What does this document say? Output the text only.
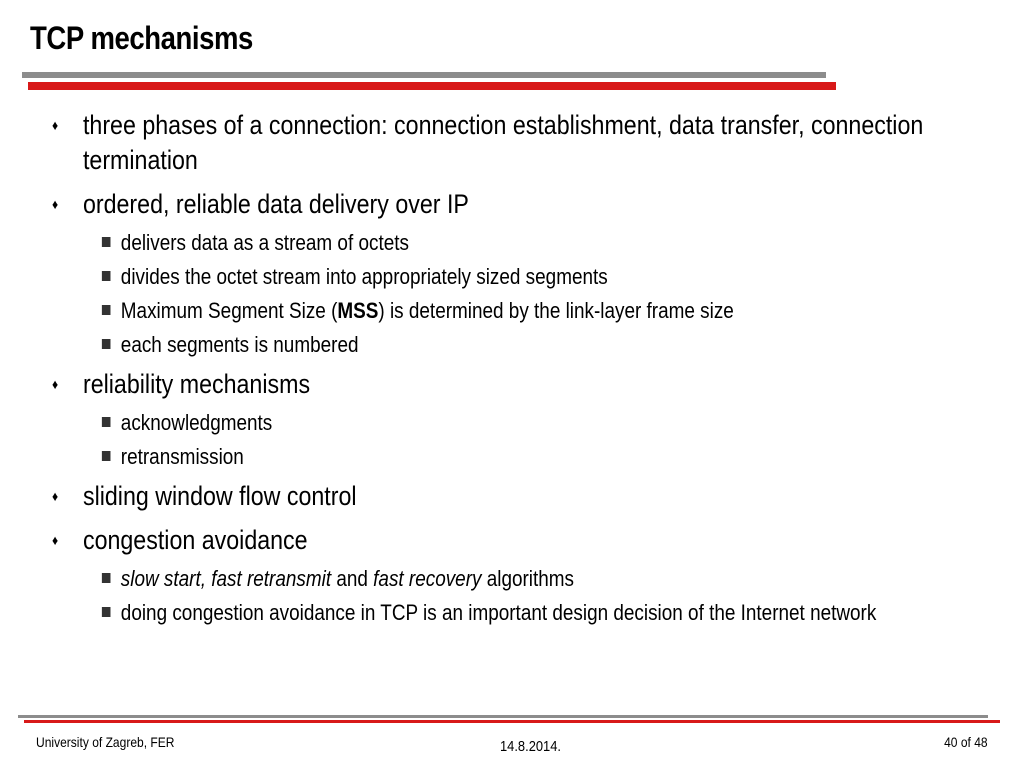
TCP mechanisms
♦ three phases of a connection: connection establishment, data transfer, connection termination
♦ ordered, reliable data delivery over IP
delivers data as a stream of octets
divides the octet stream into appropriately sized segments
Maximum Segment Size (MSS) is determined by the link-layer frame size
each segments is numbered
♦ reliability mechanisms
acknowledgments
retransmission
♦ sliding window flow control
♦ congestion avoidance
slow start, fast retransmit and fast recovery algorithms
doing congestion avoidance in TCP is an important design decision of the Internet network
University of Zagreb, FER	14.8.2014.	40 of 48
